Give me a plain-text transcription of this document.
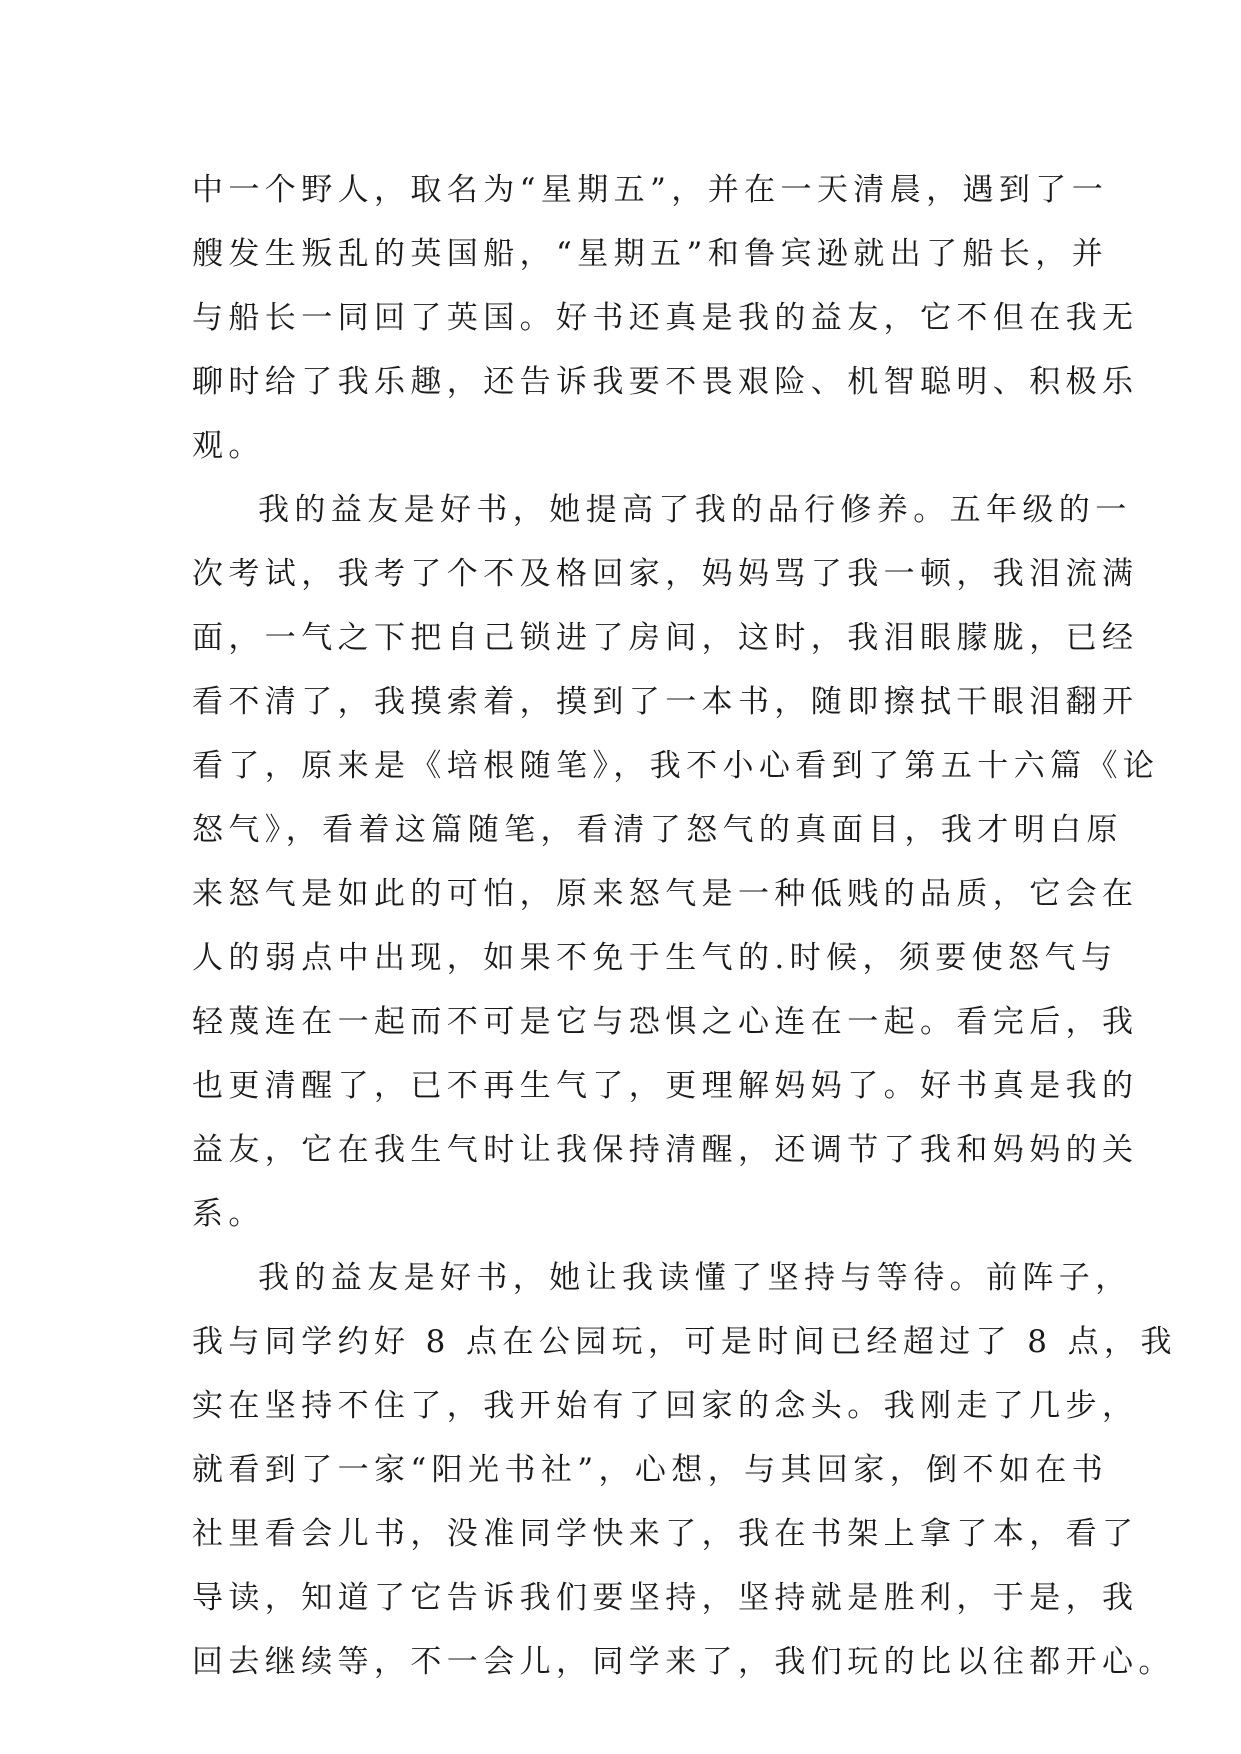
中一个野人，取名为“星期五”，并在一天清晨，遇到了一
艘发生叛乱的英国船，“星期五”和鲁宾逊就出了船长，并
与船长一同回了英国。好书还真是我的益友，它不但在我无
聊时给了我乐趣，还告诉我要不畏艰险、机智聪明、积极乐
观。
我的益友是好书，她提高了我的品行修养。五年级的一
次考试，我考了个不及格回家，妈妈骂了我一顿，我泪流满
面，一气之下把自己锁进了房间，这时，我泪眼朦胧，已经
看不清了，我摸索着，摸到了一本书，随即擦拭干眼泪翻开
看了，原来是《培根随笔》，我不小心看到了第五十六篇《论
怒气》，看着这篇随笔，看清了怒气的真面目，我才明白原
来怒气是如此的可怕，原来怒气是一种低贱的品质，它会在
人的弱点中出现，如果不免于生气的.时候，须要使怒气与
轻蔑连在一起而不可是它与恐惧之心连在一起。看完后，我
也更清醒了，已不再生气了，更理解妈妈了。好书真是我的
益友，它在我生气时让我保持清醒，还调节了我和妈妈的关
系。
我的益友是好书，她让我读懂了坚持与等待。前阵子，
我与同学约好 8 点在公园玩，可是时间已经超过了 8 点，我
实在坚持不住了，我开始有了回家的念头。我刚走了几步，
就看到了一家“阳光书社”，心想，与其回家，倒不如在书
社里看会儿书，没准同学快来了，我在书架上拿了本，看了
导读，知道了它告诉我们要坚持，坚持就是胜利，于是，我
回去继续等，不一会儿，同学来了，我们玩的比以往都开心。
